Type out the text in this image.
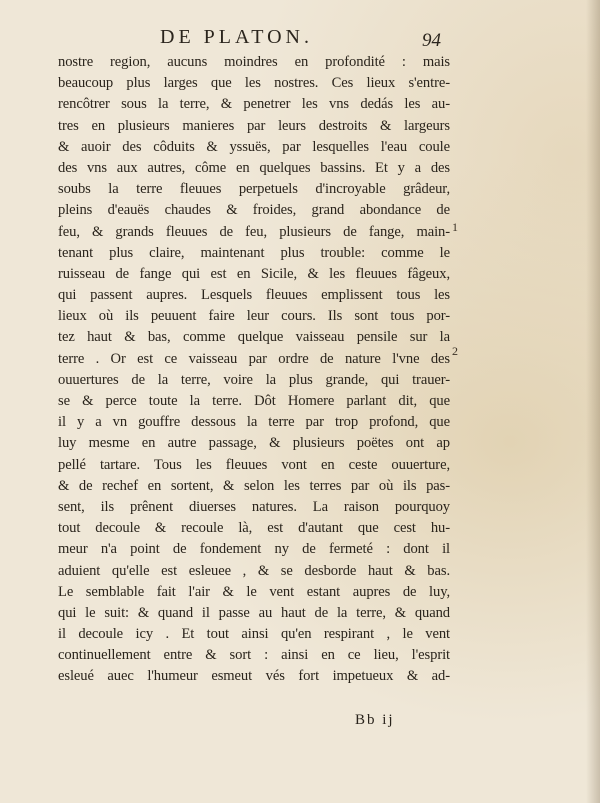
DE PLATON.	94
nostre region, aucuns moindres en profondité : mais
beaucoup plus larges que les nostres. Ces lieux s'entre-
rencôtrer sous la terre, & penetrer les vns dedás les au-
tres en plusieurs manieres par leurs destroits & largeurs
& auoir des côduits & yssuës, par lesquelles l'eau coule
des vns aux autres, côme en quelques bassins. Et y a des
soubs la terre fleuues perpetuels d'incroyable grâdeur,
pleins d'eauës chaudes & froides, grand abondance de
feu, & grands fleuues de feu, plusieurs de fange, main-
tenant plus claire, maintenant plus trouble: comme le
ruisseau de fange qui est en Sicile, & les fleuues fâgeux,
qui passent aupres. Lesquels fleuues emplissent tous les
lieux où ils peuuent faire leur cours. Ils sont tous por-
tez haut & bas, comme quelque vaisseau pensile sur la
terre . Or est ce vaisseau par ordre de nature l'vne des
ouuertures de la terre, voire la plus grande, qui trauer-
se & perce toute la terre. Dôt Homere parlant dit, que
il y a vn gouffre dessous la terre par trop profond, que
luy mesme en autre passage, & plusieurs poëtes ont ap
pellé tartare. Tous les fleuues vont en ceste ouuerture,
& de rechef en sortent, & selon les terres par où ils pas-
sent, ils prênent diuerses natures. La raison pourquoy
tout decoule & recoule là, est d'autant que cest hu-
meur n'a point de fondement ny de fermeté : dont il
aduient qu'elle est esleuee , & se desborde haut & bas.
Le semblable fait l'air & le vent estant aupres de luy,
qui le suit: & quand il passe au haut de la terre, & quand
il decoule icy . Et tout ainsi qu'en respirant , le vent
continuellement entre & sort : ainsi en ce lieu, l'esprit
esleué auec l'humeur esmeut vés fort impetueux & ad-
1
2
Bb ij
